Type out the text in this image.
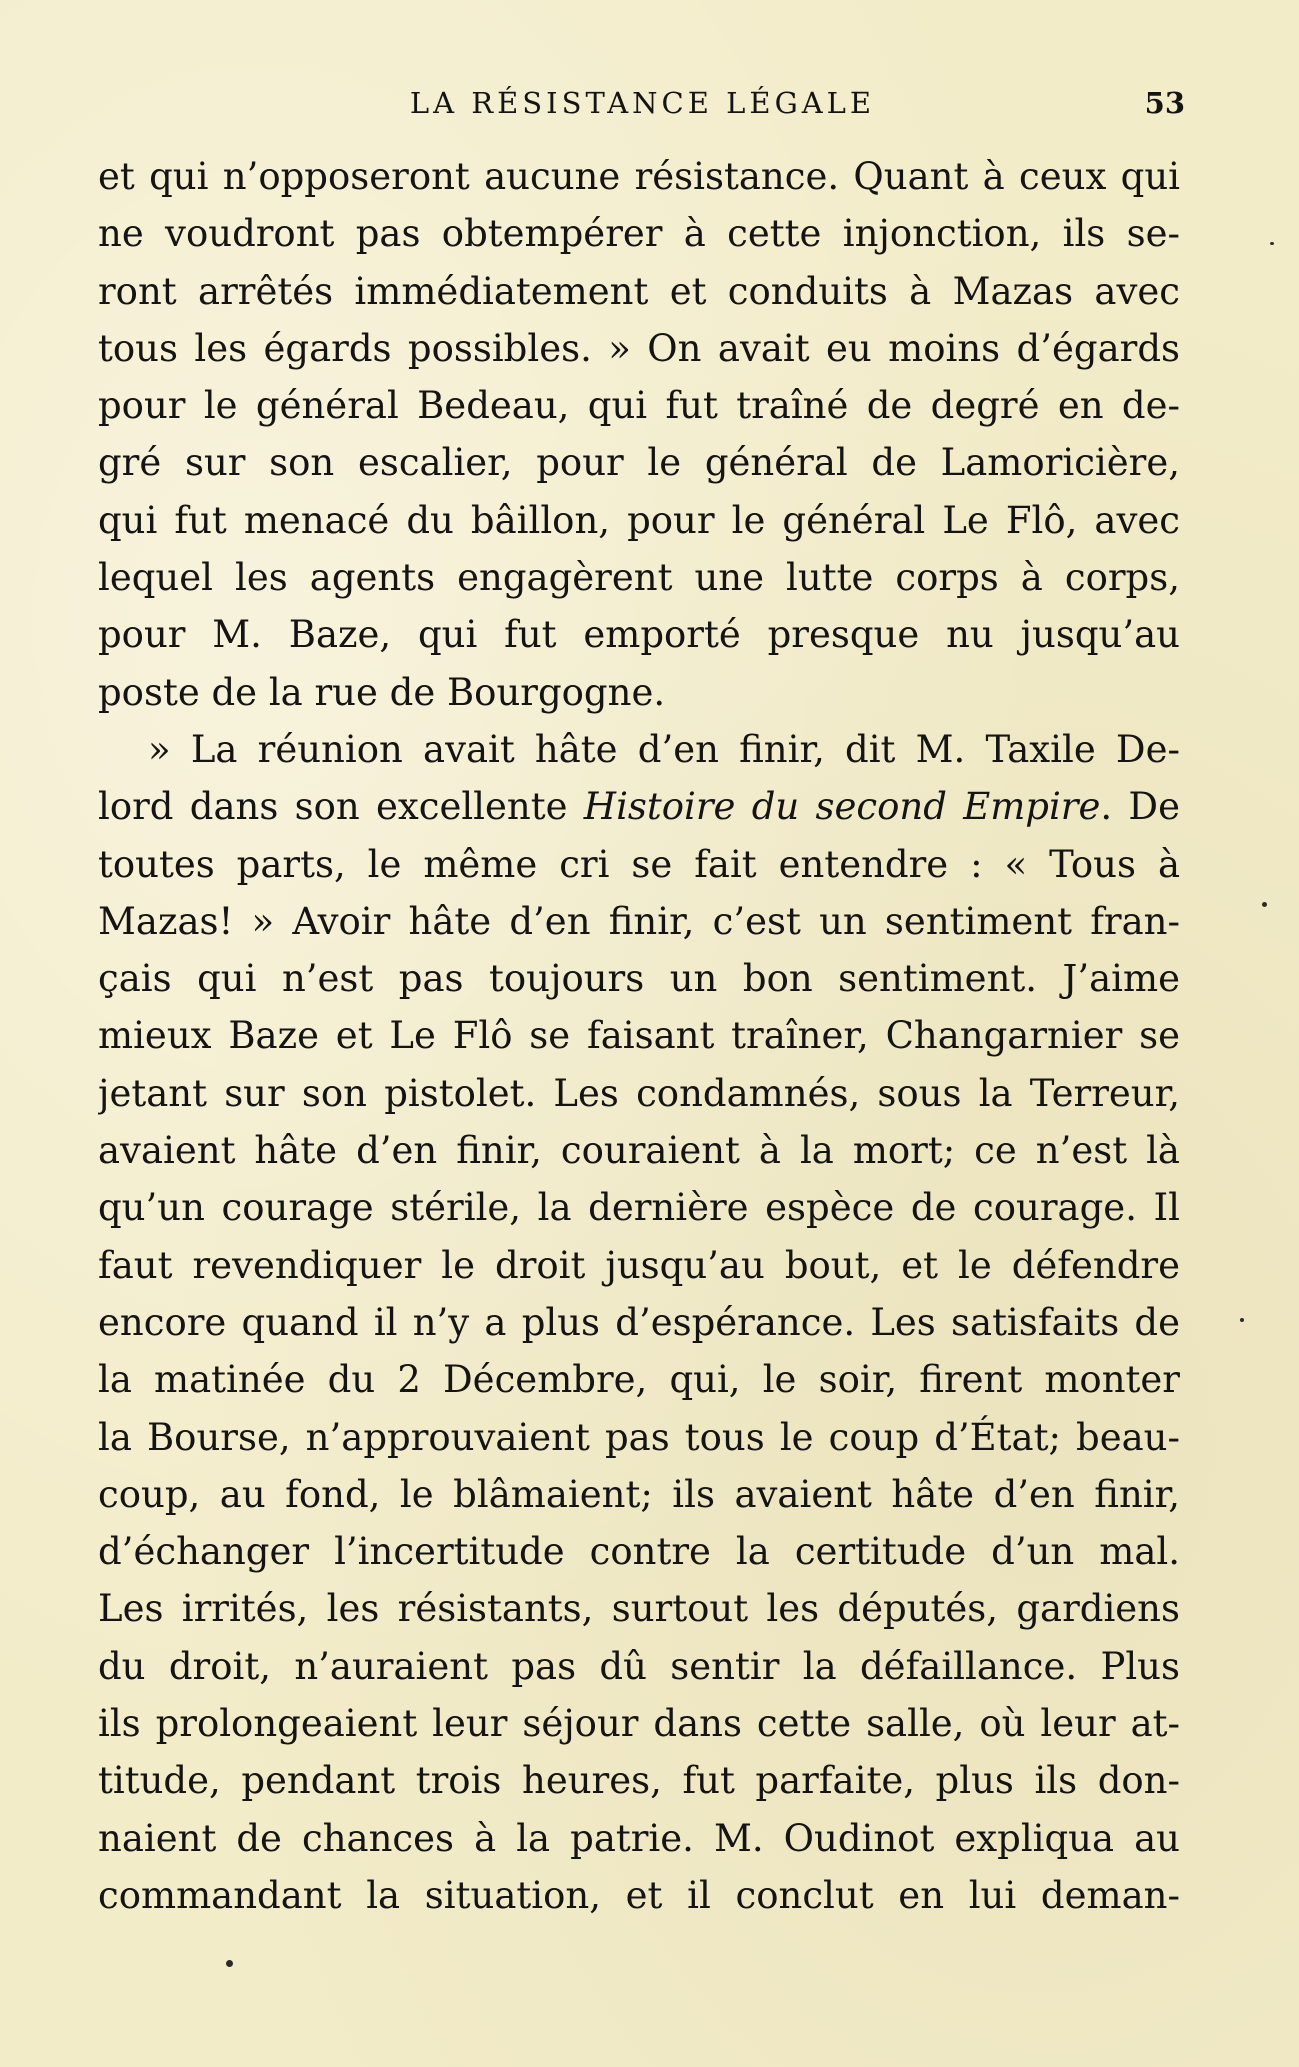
LA RÉSISTANCE LÉGALE	53
et qui n’opposeront aucune résistance. Quant à ceux qui
ne voudront pas obtempérer à cette injonction, ils se-
ront arrêtés immédiatement et conduits à Mazas avec
tous les égards possibles. » On avait eu moins d’égards
pour le général Bedeau, qui fut traîné de degré en de-
gré sur son escalier, pour le général de Lamoricière,
qui fut menacé du bâillon, pour le général Le Flô, avec
lequel les agents engagèrent une lutte corps à corps,
pour M. Baze, qui fut emporté presque nu jusqu’au
poste de la rue de Bourgogne.
» La réunion avait hâte d’en finir, dit M. Taxile De-
lord dans son excellente Histoire du second Empire. De
toutes parts, le même cri se fait entendre : « Tous à
Mazas! » Avoir hâte d’en finir, c’est un sentiment fran-
çais qui n’est pas toujours un bon sentiment. J’aime
mieux Baze et Le Flô se faisant traîner, Changarnier se
jetant sur son pistolet. Les condamnés, sous la Terreur,
avaient hâte d’en finir, couraient à la mort; ce n’est là
qu’un courage stérile, la dernière espèce de courage. Il
faut revendiquer le droit jusqu’au bout, et le défendre
encore quand il n’y a plus d’espérance. Les satisfaits de
la matinée du 2 Décembre, qui, le soir, firent monter
la Bourse, n’approuvaient pas tous le coup d’État; beau-
coup, au fond, le blâmaient; ils avaient hâte d’en finir,
d’échanger l’incertitude contre la certitude d’un mal.
Les irrités, les résistants, surtout les députés, gardiens
du droit, n’auraient pas dû sentir la défaillance. Plus
ils prolongeaient leur séjour dans cette salle, où leur at-
titude, pendant trois heures, fut parfaite, plus ils don-
naient de chances à la patrie. M. Oudinot expliqua au
commandant la situation, et il conclut en lui deman-
